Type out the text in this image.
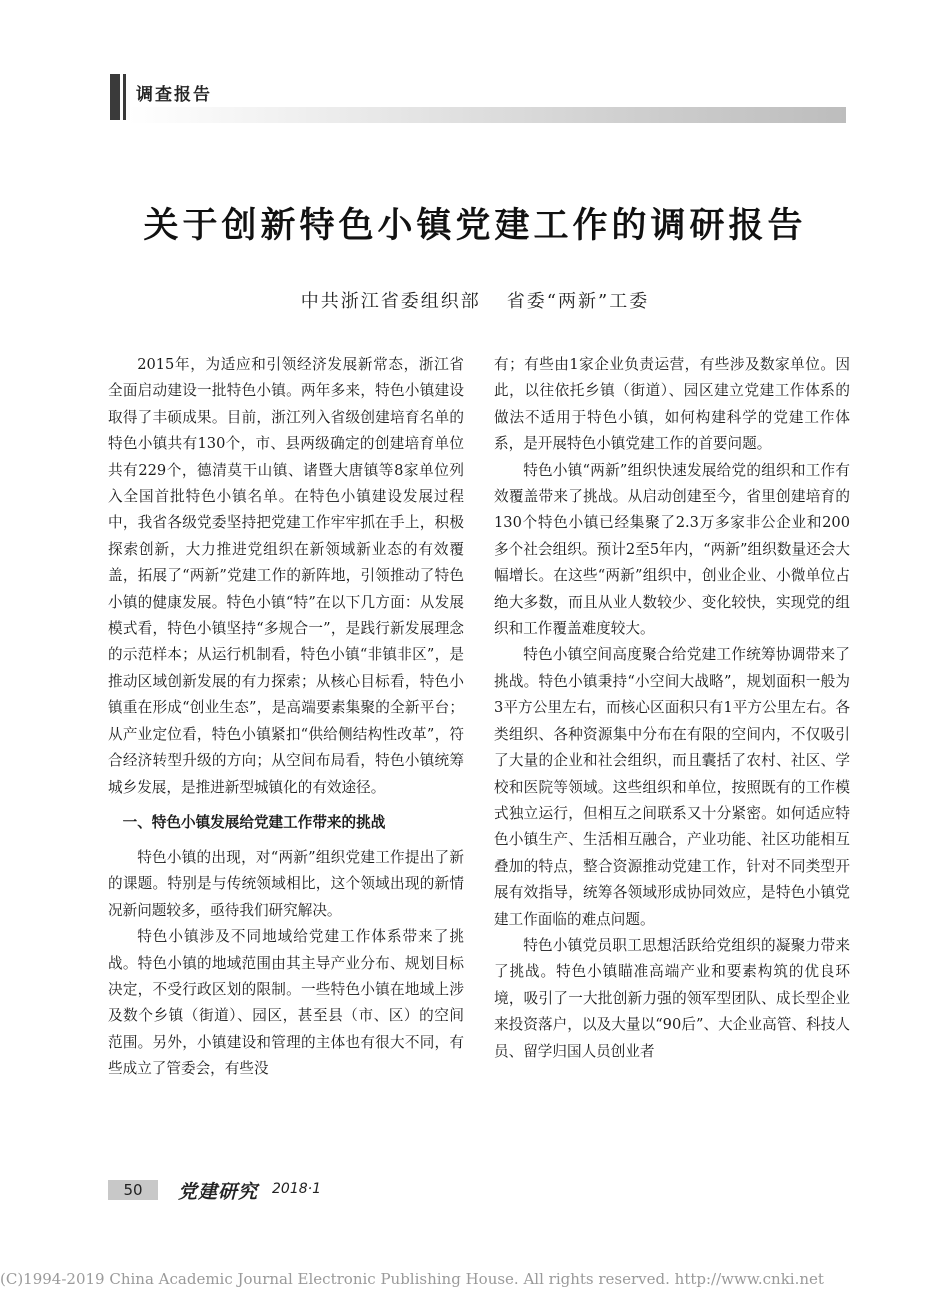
调查报告
关于创新特色小镇党建工作的调研报告
中共浙江省委组织部 省委“两新”工委

2015年，为适应和引领经济发展新常态，浙江省全面启动建设一批特色小镇。两年多来，特色小镇建设取得了丰硕成果。目前，浙江列入省级创建培育名单的特色小镇共有130个，市、县两级确定的创建培育单位共有229个，德清莫干山镇、诸暨大唐镇等8家单位列入全国首批特色小镇名单。在特色小镇建设发展过程中，我省各级党委坚持把党建工作牢牢抓在手上，积极探索创新，大力推进党组织在新领域新业态的有效覆盖，拓展了“两新”党建工作的新阵地，引领推动了特色小镇的健康发展。特色小镇“特”在以下几方面：从发展模式看，特色小镇坚持“多规合一”，是践行新发展理念的示范样本；从运行机制看，特色小镇“非镇非区”，是推动区域创新发展的有力探索；从核心目标看，特色小镇重在形成“创业生态”，是高端要素集聚的全新平台；从产业定位看，特色小镇紧扣“供给侧结构性改革”，符合经济转型升级的方向；从空间布局看，特色小镇统筹城乡发展，是推进新型城镇化的有效途径。

一、特色小镇发展给党建工作带来的挑战

特色小镇的出现，对“两新”组织党建工作提出了新的课题。特别是与传统领域相比，这个领域出现的新情况新问题较多，亟待我们研究解决。

特色小镇涉及不同地域给党建工作体系带来了挑战。特色小镇的地域范围由其主导产业分布、规划目标决定，不受行政区划的限制。一些特色小镇在地域上涉及数个乡镇（街道）、园区，甚至县（市、区）的空间范围。另外，小镇建设和管理的主体也有很大不同，有些成立了管委会，有些没

有；有些由1家企业负责运营，有些涉及数家单位。因此，以往依托乡镇（街道）、园区建立党建工作体系的做法不适用于特色小镇，如何构建科学的党建工作体系，是开展特色小镇党建工作的首要问题。

特色小镇“两新”组织快速发展给党的组织和工作有效覆盖带来了挑战。从启动创建至今，省里创建培育的130个特色小镇已经集聚了2.3万多家非公企业和200多个社会组织。预计2至5年内，“两新”组织数量还会大幅增长。在这些“两新”组织中，创业企业、小微单位占绝大多数，而且从业人数较少、变化较快，实现党的组织和工作覆盖难度较大。

特色小镇空间高度聚合给党建工作统筹协调带来了挑战。特色小镇秉持“小空间大战略”，规划面积一般为3平方公里左右，而核心区面积只有1平方公里左右。各类组织、各种资源集中分布在有限的空间内，不仅吸引了大量的企业和社会组织，而且囊括了农村、社区、学校和医院等领域。这些组织和单位，按照既有的工作模式独立运行，但相互之间联系又十分紧密。如何适应特色小镇生产、生活相互融合，产业功能、社区功能相互叠加的特点，整合资源推动党建工作，针对不同类型开展有效指导，统筹各领域形成协同效应，是特色小镇党建工作面临的难点问题。

特色小镇党员职工思想活跃给党组织的凝聚力带来了挑战。特色小镇瞄准高端产业和要素构筑的优良环境，吸引了一大批创新力强的领军型团队、成长型企业来投资落户，以及大量以“90后”、大企业高管、科技人员、留学归国人员创业者

50	党建研究 2018·1
(C)1994-2019 China Academic Journal Electronic Publishing House. All rights reserved. http://www.cnki.net
